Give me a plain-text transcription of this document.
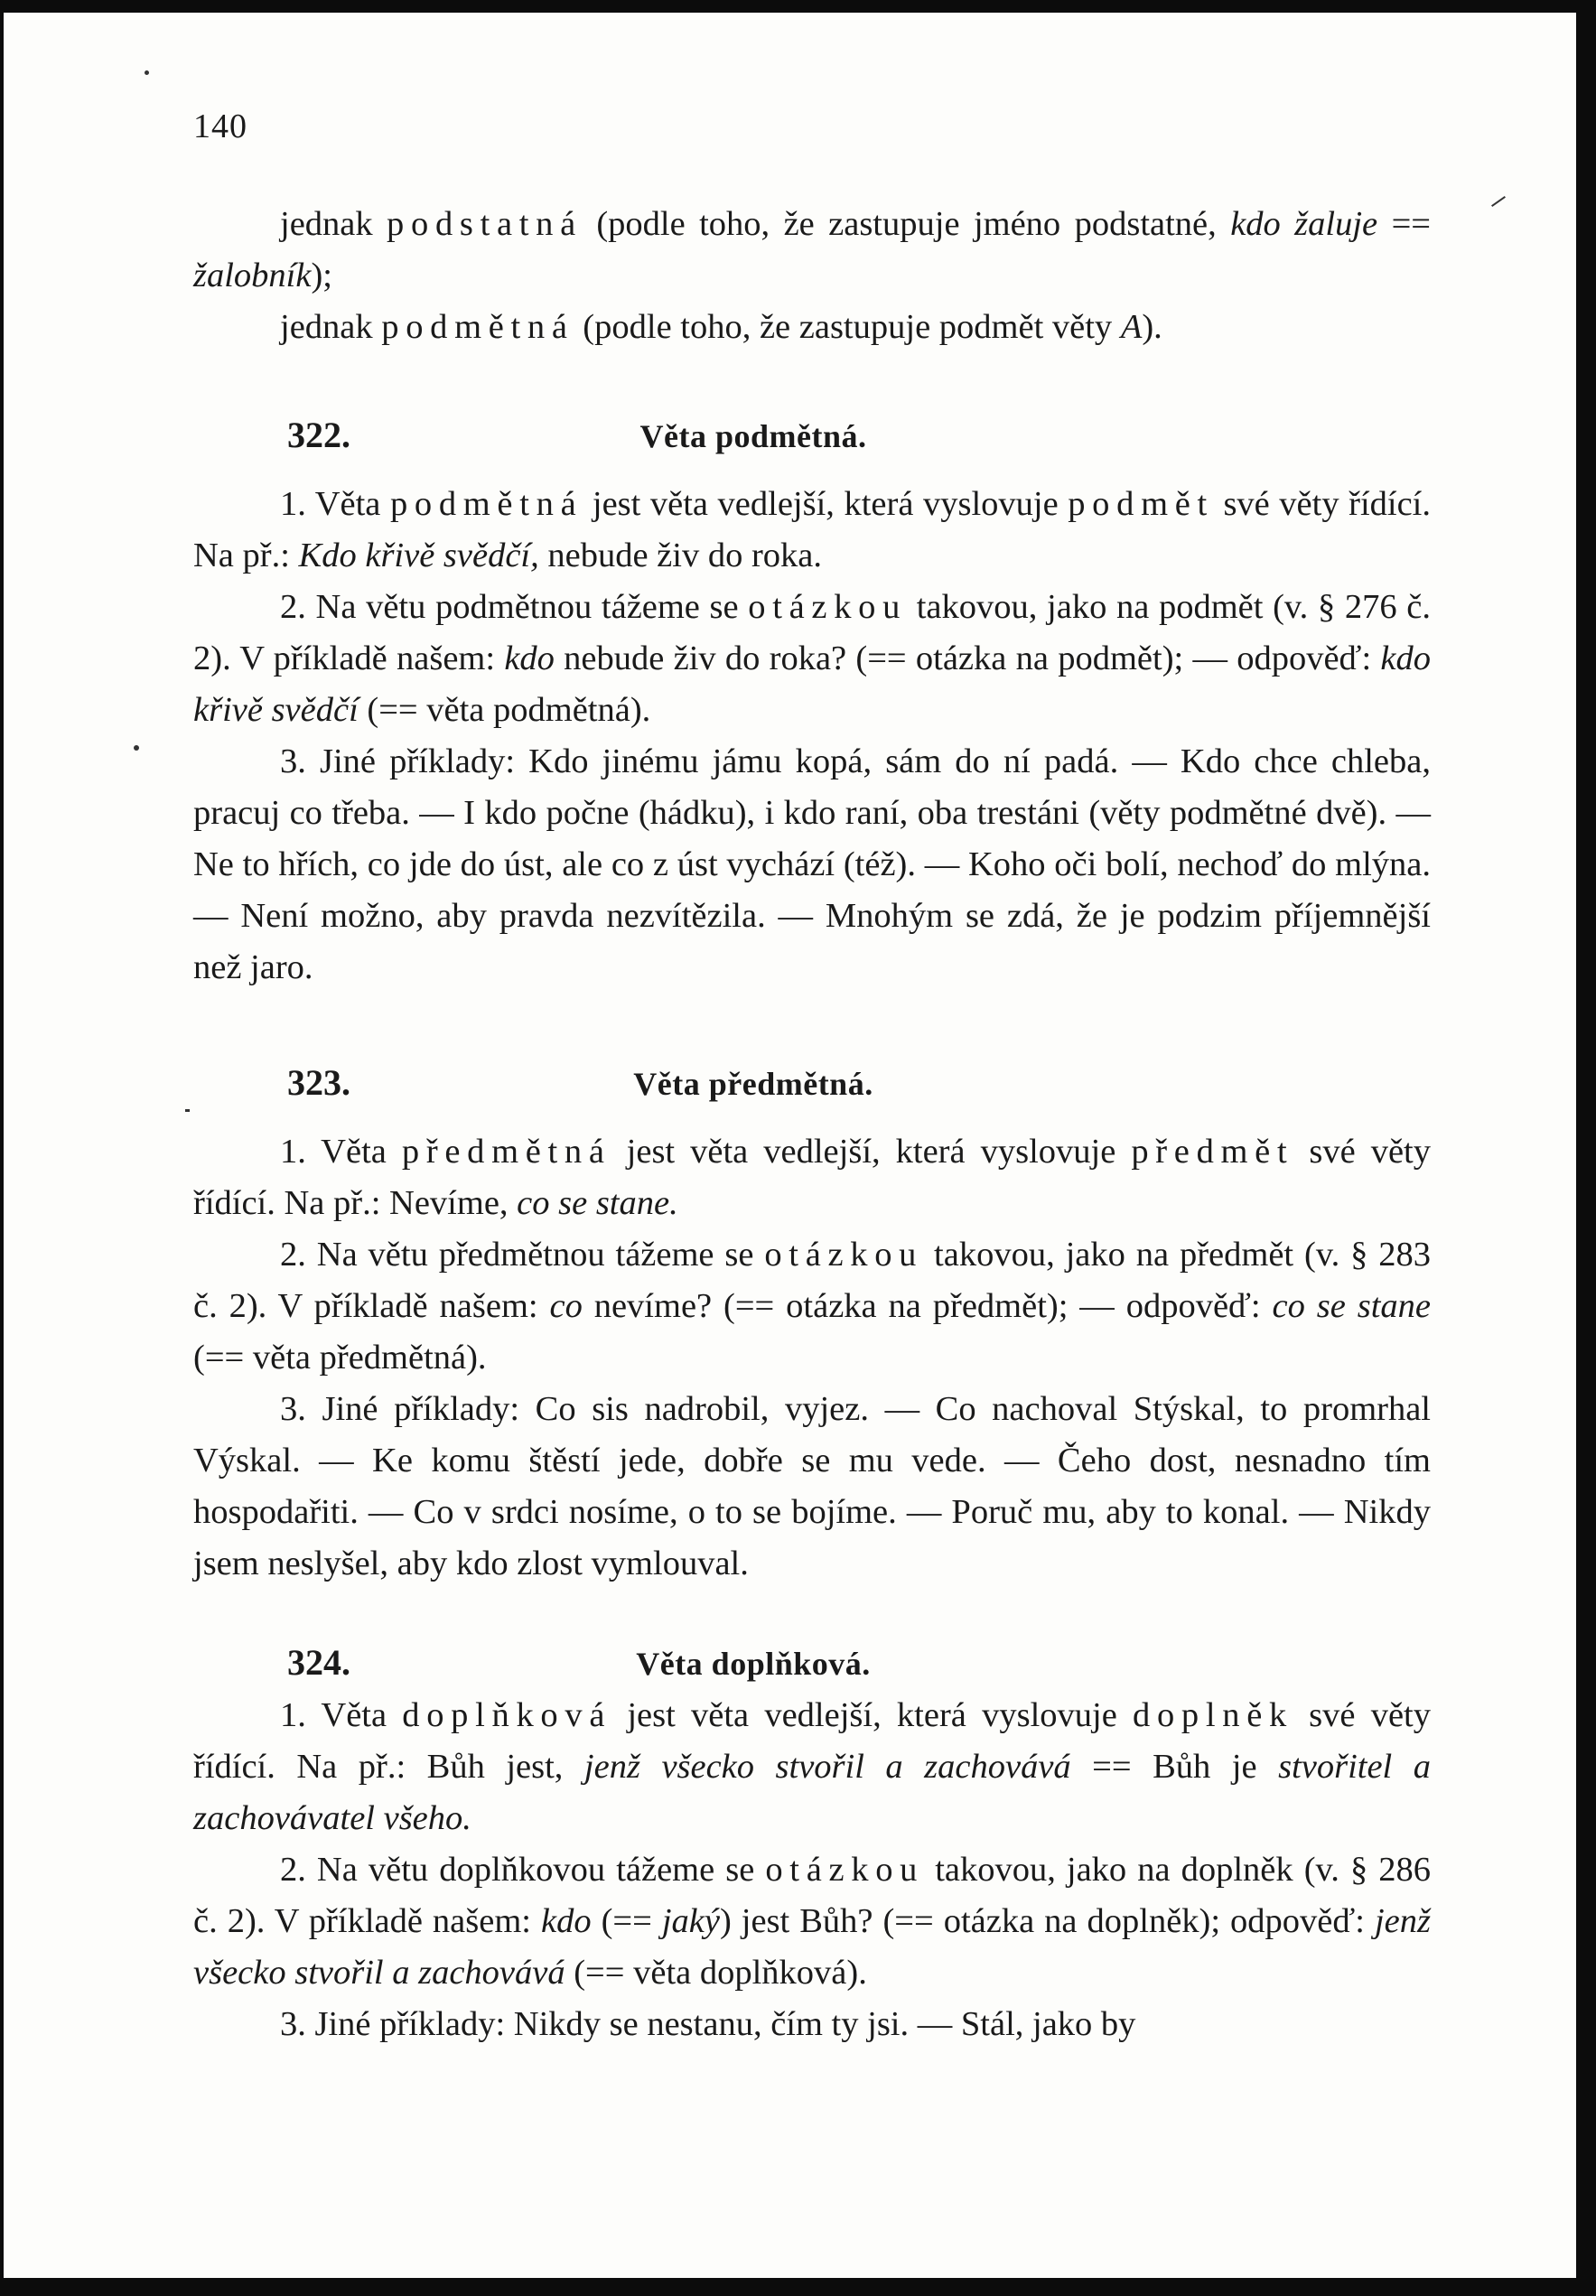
140

jednak podstatná (podle toho, že zastupuje jméno podstatné, kdo žaluje == žalobník);

jednak podmětná (podle toho, že zastupuje podmět věty A).

322.	Věta podmětná.

1. Věta podmětná jest věta vedlejší, která vyslovuje podmět své věty řídící. Na př.: Kdo křivě svědčí, nebude živ do roka.

2. Na větu podmětnou tážeme se otázkou takovou, jako na podmět (v. § 276 č. 2). V příkladě našem: kdo nebude živ do roka? (== otázka na podmět); — odpověď: kdo křivě svědčí (== věta podmětná).

3. Jiné příklady: Kdo jinému jámu kopá, sám do ní padá. — Kdo chce chleba, pracuj co třeba. — I kdo počne (hádku), i kdo raní, oba trestáni (věty podmětné dvě). — Ne to hřích, co jde do úst, ale co z úst vychází (též). — Koho oči bolí, nechoď do mlýna. — Není možno, aby pravda nezvítězila. — Mnohým se zdá, že je podzim příjemnější než jaro.

323.	Věta předmětná.

1. Věta předmětná jest věta vedlejší, která vyslovuje předmět své věty řídící. Na př.: Nevíme, co se stane.

2. Na větu předmětnou tážeme se otázkou takovou, jako na předmět (v. § 283 č. 2). V příkladě našem: co nevíme? (== otázka na předmět); — odpověď: co se stane (== věta předmětná).

3. Jiné příklady: Co sis nadrobil, vyjez. — Co nachoval Stýskal, to promrhal Výskal. — Ke komu štěstí jede, dobře se mu vede. — Čeho dost, nesnadno tím hospodařiti. — Co v srdci nosíme, o to se bojíme. — Poruč mu, aby to konal. — Nikdy jsem neslyšel, aby kdo zlost vymlouval.

324.	Věta doplňková.

1. Věta doplňková jest věta vedlejší, která vyslovuje doplněk své věty řídící. Na př.: Bůh jest, jenž všecko stvořil a zachovává == Bůh je stvořitel a zachovávatel všeho.

2. Na větu doplňkovou tážeme se otázkou takovou, jako na doplněk (v. § 286 č. 2). V příkladě našem: kdo (== jaký) jest Bůh? (== otázka na doplněk); odpověď: jenž všecko stvořil a zachovává (== věta doplňková).

3. Jiné příklady: Nikdy se nestanu, čím ty jsi. — Stál, jako by
